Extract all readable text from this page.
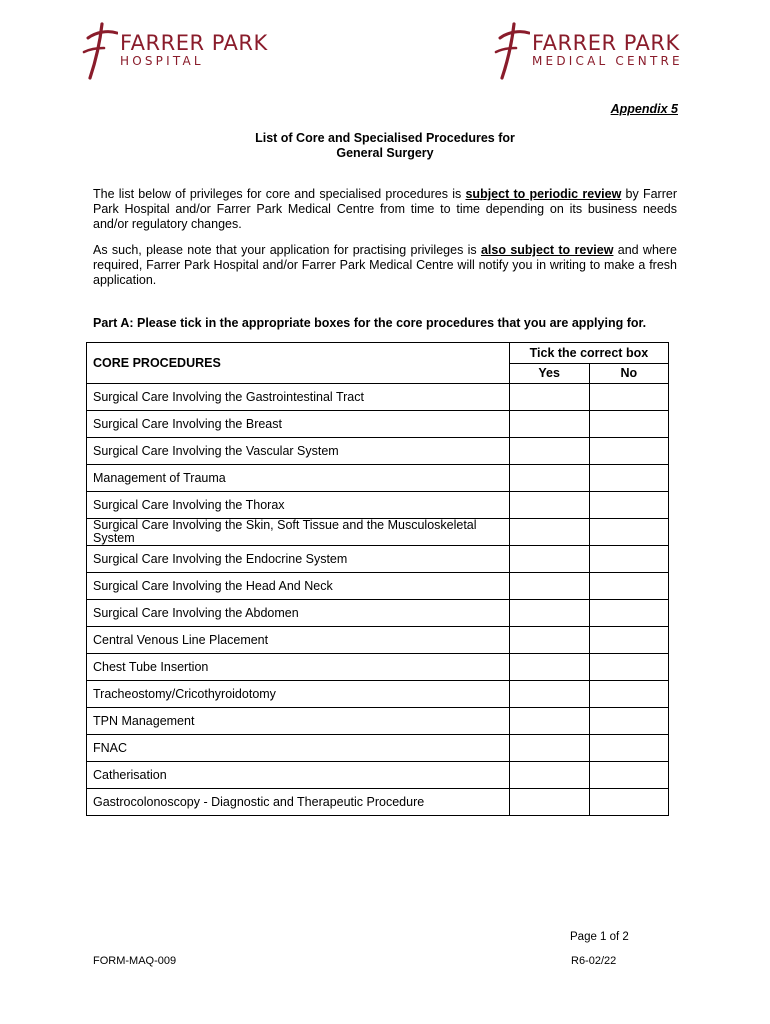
FARRER PARK
HOSPITAL
FARRER PARK
MEDICAL CENTRE
Appendix 5
List of Core and Specialised Procedures for
General Surgery
The list below of privileges for core and specialised procedures is subject to periodic review by Farrer Park Hospital and/or Farrer Park Medical Centre from time to time depending on its business needs and/or regulatory changes.
As such, please note that your application for practising privileges is also subject to review and where required, Farrer Park Hospital and/or Farrer Park Medical Centre will notify you in writing to make a fresh application.
Part A: Please tick in the appropriate boxes for the core procedures that you are applying for.
CORE PROCEDURES	Tick the correct box	
	Yes	No
Surgical Care Involving the Gastrointestinal Tract		
Surgical Care Involving the Breast		
Surgical Care Involving the Vascular System		
Management of Trauma		
Surgical Care Involving the Thorax		
Surgical Care Involving the Skin, Soft Tissue and the Musculoskeletal System		
Surgical Care Involving the Endocrine System		
Surgical Care Involving the Head And Neck		
Surgical Care Involving the Abdomen		
Central Venous Line Placement		
Chest Tube Insertion		
Tracheostomy/Cricothyroidotomy		
TPN Management		
FNAC		
Catherisation		
Gastrocolonoscopy - Diagnostic and Therapeutic Procedure		
Page 1 of 2
FORM-MAQ-009	R6-02/22
